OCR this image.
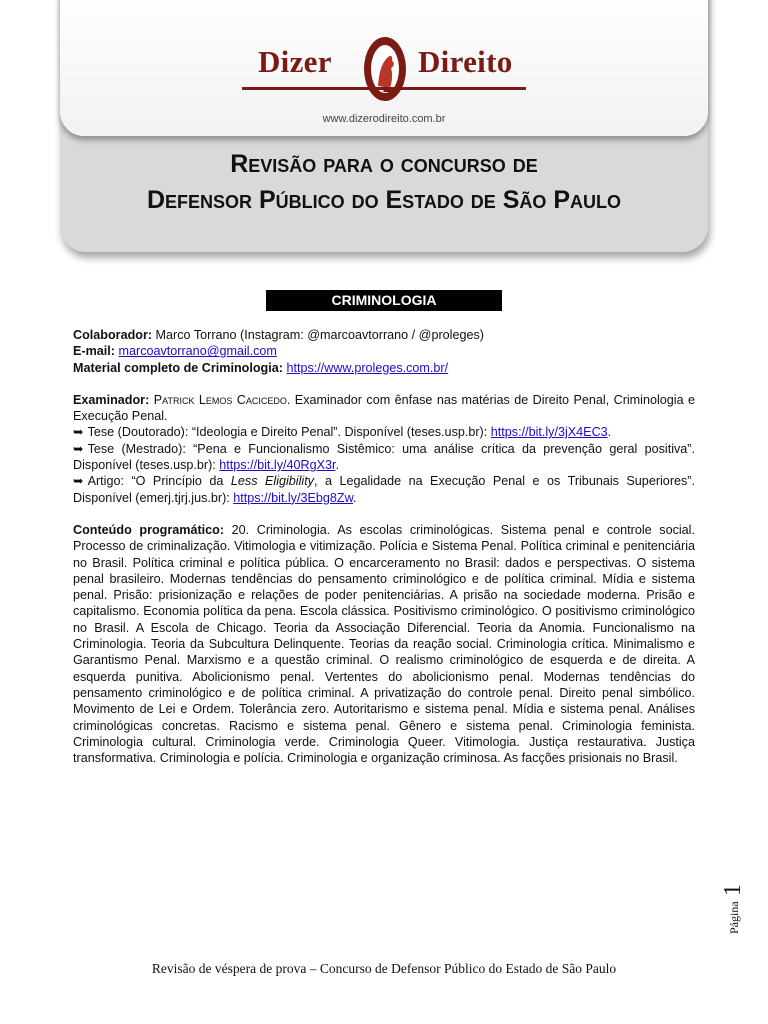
Dizer	Direito
www.dizerodireito.com.br
Revisão para o concurso de
Defensor Público do Estado de São Paulo
CRIMINOLOGIA

Colaborador: Marco Torrano (Instagram: @marcoavtorrano / @proleges)

E-mail: marcoavtorrano@gmail.com

Material completo de Criminologia: https://www.proleges.com.br/

Examinador: Patrick Lemos Cacicedo. Examinador com ênfase nas matérias de Direito Penal, Criminologia e Execução Penal.

➥ Tese (Doutorado): “Ideologia e Direito Penal”. Disponível (teses.usp.br): https://bit.ly/3jX4EC3.

➥ Tese (Mestrado): “Pena e Funcionalismo Sistêmico: uma análise crítica da prevenção geral positiva”. Disponível (teses.usp.br): https://bit.ly/40RgX3r.

➥ Artigo: “O Princípio da Less Eligibility, a Legalidade na Execução Penal e os Tribunais Superiores”. Disponível (emerj.tjrj.jus.br): https://bit.ly/3Ebg8Zw.

Conteúdo programático: 20. Criminologia. As escolas criminológicas. Sistema penal e controle social. Processo de criminalização. Vitimologia e vitimização. Polícia e Sistema Penal. Política criminal e penitenciária no Brasil. Política criminal e política pública. O encarceramento no Brasil: dados e perspectivas. O sistema penal brasileiro. Modernas tendências do pensamento criminológico e de política criminal. Mídia e sistema penal. Prisão: prisionização e relações de poder penitenciárias. A prisão na sociedade moderna. Prisão e capitalismo. Economia política da pena. Escola clássica. Positivismo criminológico. O positivismo criminológico no Brasil. A Escola de Chicago. Teoria da Associação Diferencial. Teoria da Anomia. Funcionalismo na Criminologia. Teoria da Subcultura Delinquente. Teorias da reação social. Criminologia crítica. Minimalismo e Garantismo Penal. Marxismo e a questão criminal. O realismo criminológico de esquerda e de direita. A esquerda punitiva. Abolicionismo penal. Vertentes do abolicionismo penal. Modernas tendências do pensamento criminológico e de política criminal. A privatização do controle penal. Direito penal simbólico. Movimento de Lei e Ordem. Tolerância zero. Autoritarismo e sistema penal. Mídia e sistema penal. Análises criminológicas concretas. Racismo e sistema penal. Gênero e sistema penal. Criminologia feminista. Criminologia cultural. Criminologia verde. Criminologia Queer. Vitimologia. Justiça restaurativa. Justiça transformativa. Criminologia e polícia. Criminologia e organização criminosa. As facções prisionais no Brasil.

Página
1
Revisão de véspera de prova – Concurso de Defensor Público do Estado de São Paulo
